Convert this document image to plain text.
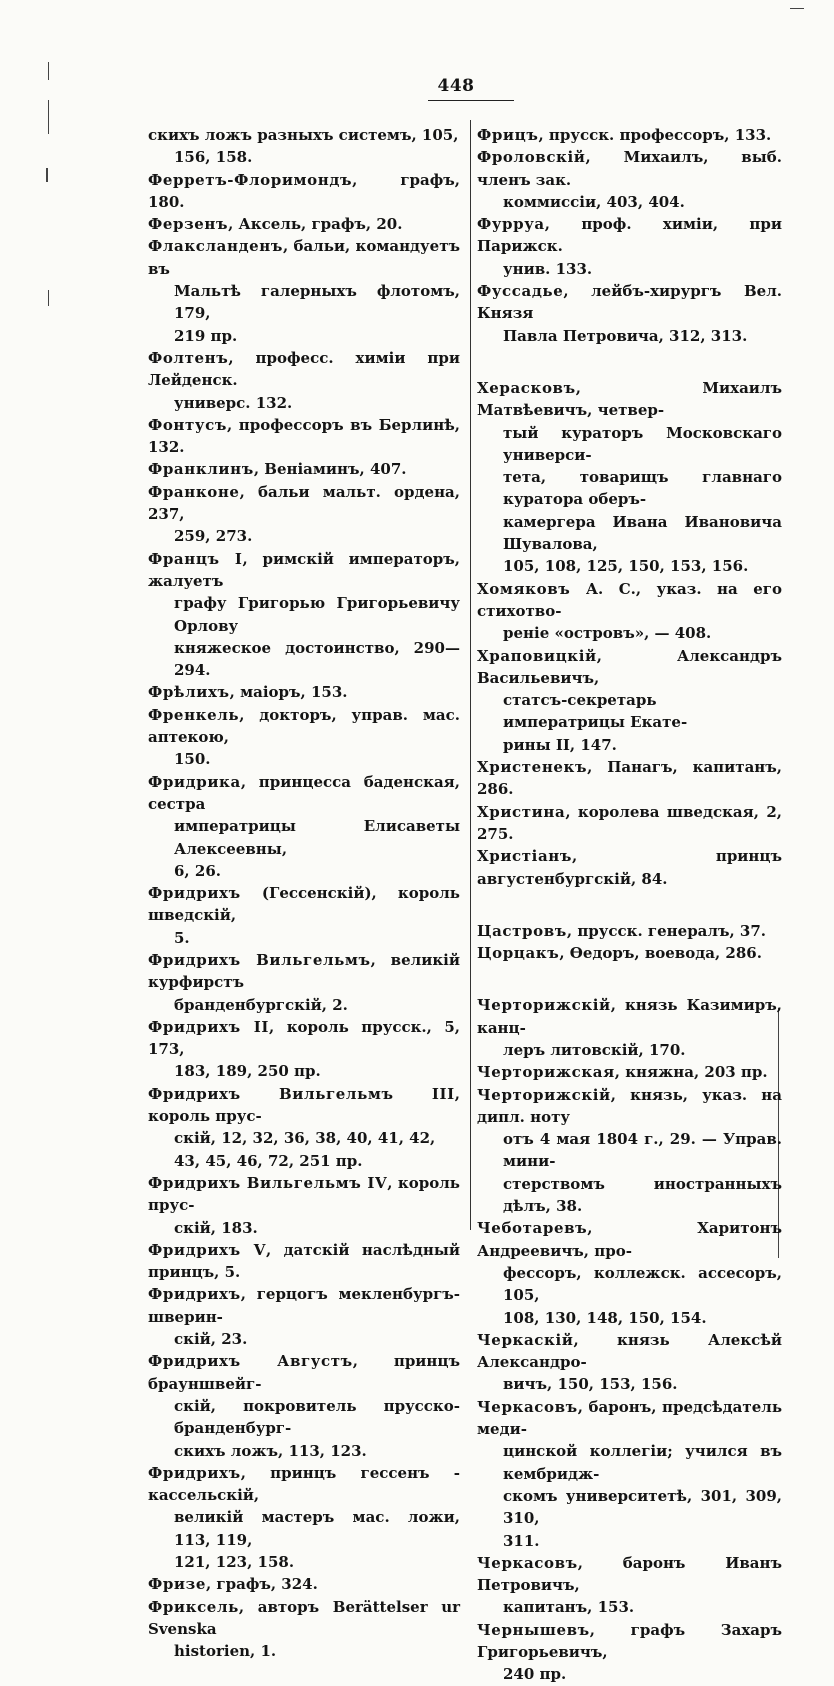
448

скихъ ложъ разныхъ системъ, 105,
156, 158.

Ферретъ-Флоримондъ, графъ, 180.

Ферзенъ, Аксель, графъ, 20.

Флаксланденъ, бальи, командуетъ въ
Мальтѣ галерныхъ флотомъ, 179,
219 пр.

Фолтенъ, професс. химіи при Лейденск.
универс. 132.

Фонтусъ, профессоръ въ Берлинѣ, 132.

Франклинъ, Веніаминъ, 407.

Франконе, бальи мальт. ордена, 237,
259, 273.

Францъ I, римскій императоръ, жалуетъ
графу Григорью Григорьевичу Орлову
княжеское достоинство, 290—294.

Фрѣлихъ, маіоръ, 153.

Френкель, докторъ, управ. мас. аптекою,
150.

Фридрика, принцесса баденская, сестра
императрицы Елисаветы Алексеевны,
6, 26.

Фридрихъ (Гессенскій), король шведскій,
5.

Фридрихъ Вильгельмъ, великій курфирстъ
бранденбургскій, 2.

Фридрихъ II, король прусск., 5, 173,
183, 189, 250 пр.

Фридрихъ Вильгельмъ III, король прус-
скій, 12, 32, 36, 38, 40, 41, 42,
43, 45, 46, 72, 251 пр.

Фридрихъ Вильгельмъ IV, король прус-
скій, 183.

Фридрихъ V, датскій наслѣдный принцъ, 5.

Фридрихъ, герцогъ мекленбургъ-шверин-
скій, 23.

Фридрихъ Августъ, принцъ брауншвейг-
скій, покровитель прусско-бранденбург-
скихъ ложъ, 113, 123.

Фридрихъ, принцъ гессенъ - кассельскій,
великій мастеръ мас. ложи, 113, 119,
121, 123, 158.

Фризе, графъ, 324.

Фриксель, авторъ Berättelser ur Svenska
historien, 1.

Фрицъ, прусск. профессоръ, 133.

Фроловскій, Михаилъ, выб. членъ зак.
коммиссіи, 403, 404.

Фурруа, проф. химіи, при Парижск.
унив. 133.

Фуссадье, лейбъ-хирургъ Вел. Князя
Павла Петровича, 312, 313.

Херасковъ, Михаилъ Матвѣевичъ, четвер-
тый кураторъ Московскаго универси-
тета, товарищъ главнаго куратора оберъ-
камергера Ивана Ивановича Шувалова,
105, 108, 125, 150, 153, 156.

Хомяковъ А. С., указ. на его стихотво-
реніе «островъ», — 408.

Храповицкій, Александръ Васильевичъ,
статсъ-секретарь императрицы Екате-
рины II, 147.

Христенекъ, Панагъ, капитанъ, 286.

Христина, королева шведская, 2, 275.

Христіанъ, принцъ августенбургскій, 84.

Цастровъ, прусск. генералъ, 37.

Цорцакъ, Ѳедоръ, воевода, 286.

Черторижскій, князь Казимиръ, канц-
леръ литовскій, 170.

Черторижская, княжна, 203 пр.

Черторижскій, князь, указ. на дипл. ноту
отъ 4 мая 1804 г., 29. — Управ. мини-
стерствомъ иностранныхъ дѣлъ, 38.

Чеботаревъ, Харитонъ Андреевичъ, про-
фессоръ, коллежск. ассесоръ, 105,
108, 130, 148, 150, 154.

Черкаскій, князь Алексѣй Александро-
вичъ, 150, 153, 156.

Черкасовъ, баронъ, предсѣдатель меди-
цинской коллегіи; учился въ кембридж-
скомъ университетѣ, 301, 309, 310,
311.

Черкасовъ, баронъ Иванъ Петровичъ,
капитанъ, 153.

Чернышевъ, графъ Захаръ Григорьевичъ,
240 пр.
